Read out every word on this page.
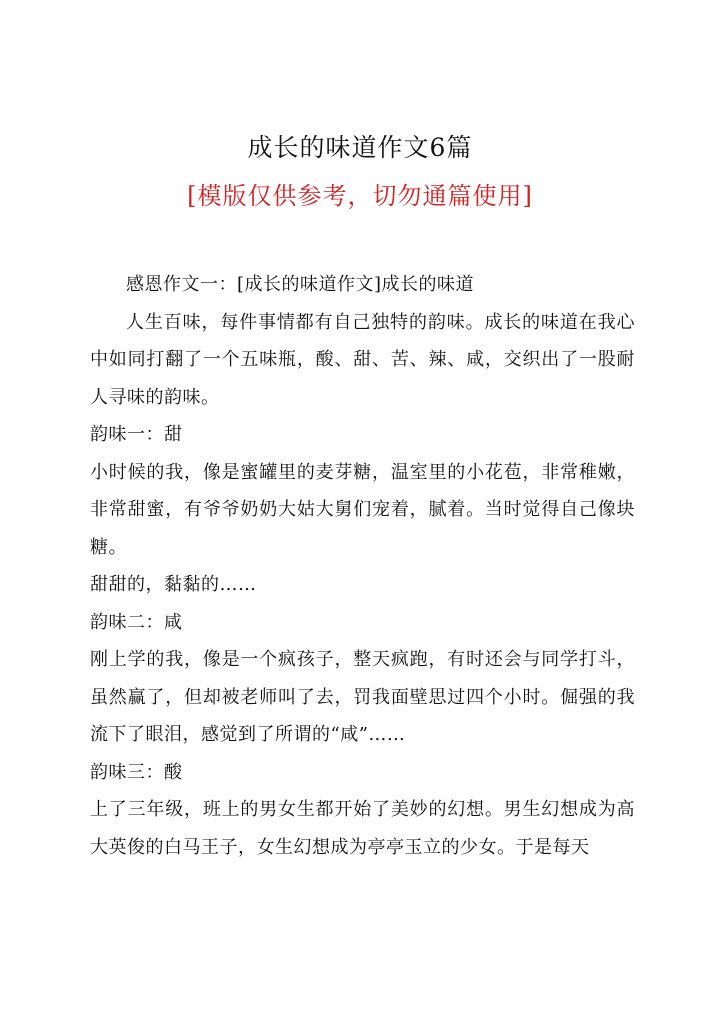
成长的味道作文6篇
[模版仅供参考，切勿通篇使用]

感恩作文一：[成长的味道作文]成长的味道

人生百味，每件事情都有自己独特的韵味。成长的味道在我心中如同打翻了一个五味瓶，酸、甜、苦、辣、咸，交织出了一股耐人寻味的韵味。

韵味一：甜

小时候的我，像是蜜罐里的麦芽糖，温室里的小花苞，非常稚嫩，非常甜蜜，有爷爷奶奶大姑大舅们宠着，腻着。当时觉得自己像块糖。

甜甜的，黏黏的……

韵味二：咸

刚上学的我，像是一个疯孩子，整天疯跑，有时还会与同学打斗，虽然赢了，但却被老师叫了去，罚我面壁思过四个小时。倔强的我流下了眼泪，感觉到了所谓的“咸”……

韵味三：酸

上了三年级，班上的男女生都开始了美妙的幻想。男生幻想成为高大英俊的白马王子，女生幻想成为亭亭玉立的少女。于是每天
